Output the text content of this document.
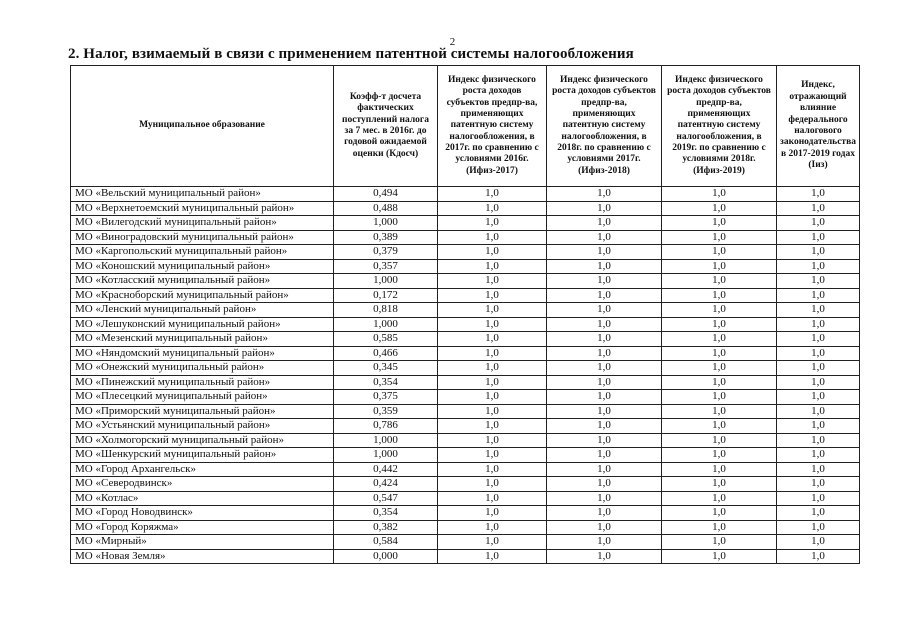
2
2. Налог, взимаемый в связи с применением патентной системы налогообложения
Муниципальное образование	Коэфф-т досчета фактических поступлений налога за 7 мес. в 2016г. до годовой ожидаемой оценки (Кдосч)	Индекс физического роста доходов субъектов предпр-ва, применяющих патентную систему налогообложения, в 2017г. по сравнению с условиями 2016г. (Ифиз-2017)	Индекс физического роста доходов субъектов предпр-ва, применяющих патентную систему налогообложения, в 2018г. по сравнению с условиями 2017г. (Ифиз-2018)	Индекс физического роста доходов субъектов предпр-ва, применяющих патентную систему налогообложения, в 2019г. по сравнению с условиями 2018г. (Ифиз-2019)	Индекс, отражающий влияние федерального налогового законодательства в 2017-2019 годах (Iиз)
МО «Вельский муниципальный район»	0,494	1,0	1,0	1,0	1,0
МО «Верхнетоемский муниципальный район»	0,488	1,0	1,0	1,0	1,0
МО «Вилегодский муниципальный район»	1,000	1,0	1,0	1,0	1,0
МО «Виноградовский муниципальный район»	0,389	1,0	1,0	1,0	1,0
МО «Каргопольский муниципальный район»	0,379	1,0	1,0	1,0	1,0
МО «Коношский муниципальный район»	0,357	1,0	1,0	1,0	1,0
МО «Котласский муниципальный район»	1,000	1,0	1,0	1,0	1,0
МО «Красноборский муниципальный район»	0,172	1,0	1,0	1,0	1,0
МО «Ленский муниципальный район»	0,818	1,0	1,0	1,0	1,0
МО «Лешуконский муниципальный район»	1,000	1,0	1,0	1,0	1,0
МО «Мезенский муниципальный район»	0,585	1,0	1,0	1,0	1,0
МО «Няндомский муниципальный район»	0,466	1,0	1,0	1,0	1,0
МО «Онежский муниципальный район»	0,345	1,0	1,0	1,0	1,0
МО «Пинежский муниципальный район»	0,354	1,0	1,0	1,0	1,0
МО «Плесецкий муниципальный район»	0,375	1,0	1,0	1,0	1,0
МО «Приморский муниципальный район»	0,359	1,0	1,0	1,0	1,0
МО «Устьянский муниципальный район»	0,786	1,0	1,0	1,0	1,0
МО «Холмогорский муниципальный район»	1,000	1,0	1,0	1,0	1,0
МО «Шенкурский муниципальный район»	1,000	1,0	1,0	1,0	1,0
МО «Город Архангельск»	0,442	1,0	1,0	1,0	1,0
МО «Северодвинск»	0,424	1,0	1,0	1,0	1,0
МО «Котлас»	0,547	1,0	1,0	1,0	1,0
МО «Город Новодвинск»	0,354	1,0	1,0	1,0	1,0
МО «Город Коряжма»	0,382	1,0	1,0	1,0	1,0
МО «Мирный»	0,584	1,0	1,0	1,0	1,0
МО «Новая Земля»	0,000	1,0	1,0	1,0	1,0
